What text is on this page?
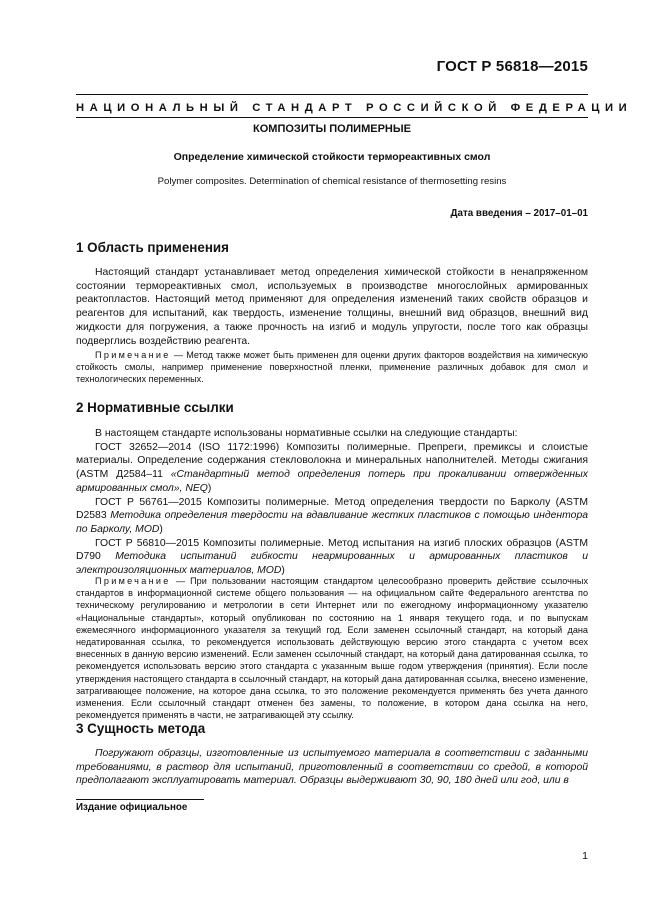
ГОСТ Р 56818—2015
НАЦИОНАЛЬНЫЙ СТАНДАРТ РОССИЙСКОЙ ФЕДЕРАЦИИ
КОМПОЗИТЫ ПОЛИМЕРНЫЕ
Определение химической стойкости термореактивных смол
Polymer composites. Determination of chemical resistance of thermosetting resins
Дата введения – 2017–01–01
1 Область применения

Настоящий стандарт устанавливает метод определения химической стойкости в ненапряженном состоянии термореактивных смол, используемых в производстве многослойных армированных реактопластов. Настоящий метод применяют для определения изменений таких свойств образцов и реагентов для испытаний, как твердость, изменение толщины, внешний вид образцов, внешний вид жидкости для погружения, а также прочность на изгиб и модуль упругости, после того как образцы подверглись воздействию реагента.

Примечание — Метод также может быть применен для оценки других факторов воздействия на химическую стойкость смолы, например применение поверхностной пленки, применение различных добавок для смол и технологических переменных.

2 Нормативные ссылки
В настоящем стандарте использованы нормативные ссылки на следующие стандарты:
ГОСТ 32652—2014 (ISO 1172:1996) Композиты полимерные. Препреги, премиксы и слоистые материалы. Определение содержания стекловолокна и минеральных наполнителей. Методы сжигания (ASTM Д2584–11 «Стандартный метод определения потерь при прокаливании отвержденных армированных смол», NEQ)
ГОСТ Р 56761—2015 Композиты полимерные. Метод определения твердости по Барколу (ASTM D2583 Методика определения твердости на вдавливание жестких пластиков с помощью индентора по Барколу, MOD)
ГОСТ Р 56810—2015 Композиты полимерные. Метод испытания на изгиб плоских образцов (ASTM D790 Методика испытаний гибкости неармированных и армированных пластиков и электроизоляционных материалов, MOD)

Примечание — При пользовании настоящим стандартом целесообразно проверить действие ссылочных стандартов в информационной системе общего пользования — на официальном сайте Федерального агентства по техническому регулированию и метрологии в сети Интернет или по ежегодному информационному указателю «Национальные стандарты», который опубликован по состоянию на 1 января текущего года, и по выпускам ежемесячного информационного указателя за текущий год. Если заменен ссылочный стандарт, на который дана недатированная ссылка, то рекомендуется использовать действующую версию этого стандарта с учетом всех внесенных в данную версию изменений. Если заменен ссылочный стандарт, на который дана датированная ссылка, то рекомендуется использовать версию этого стандарта с указанным выше годом утверждения (принятия). Если после утверждения настоящего стандарта в ссылочный стандарт, на который дана датированная ссылка, внесено изменение, затрагивающее положение, на которое дана ссылка, то это положение рекомендуется применять без учета данного изменения. Если ссылочный стандарт отменен без замены, то положение, в котором дана ссылка на него, рекомендуется применять в части, не затрагивающей эту ссылку.

3 Сущность метода

Погружают образцы, изготовленные из испытуемого материала в соответствии с заданными требованиями, в раствор для испытаний, приготовленный в соответствии со средой, в которой предполагают эксплуатировать материал. Образцы выдерживают 30, 90, 180 дней или год, или в

Издание официальное
1
